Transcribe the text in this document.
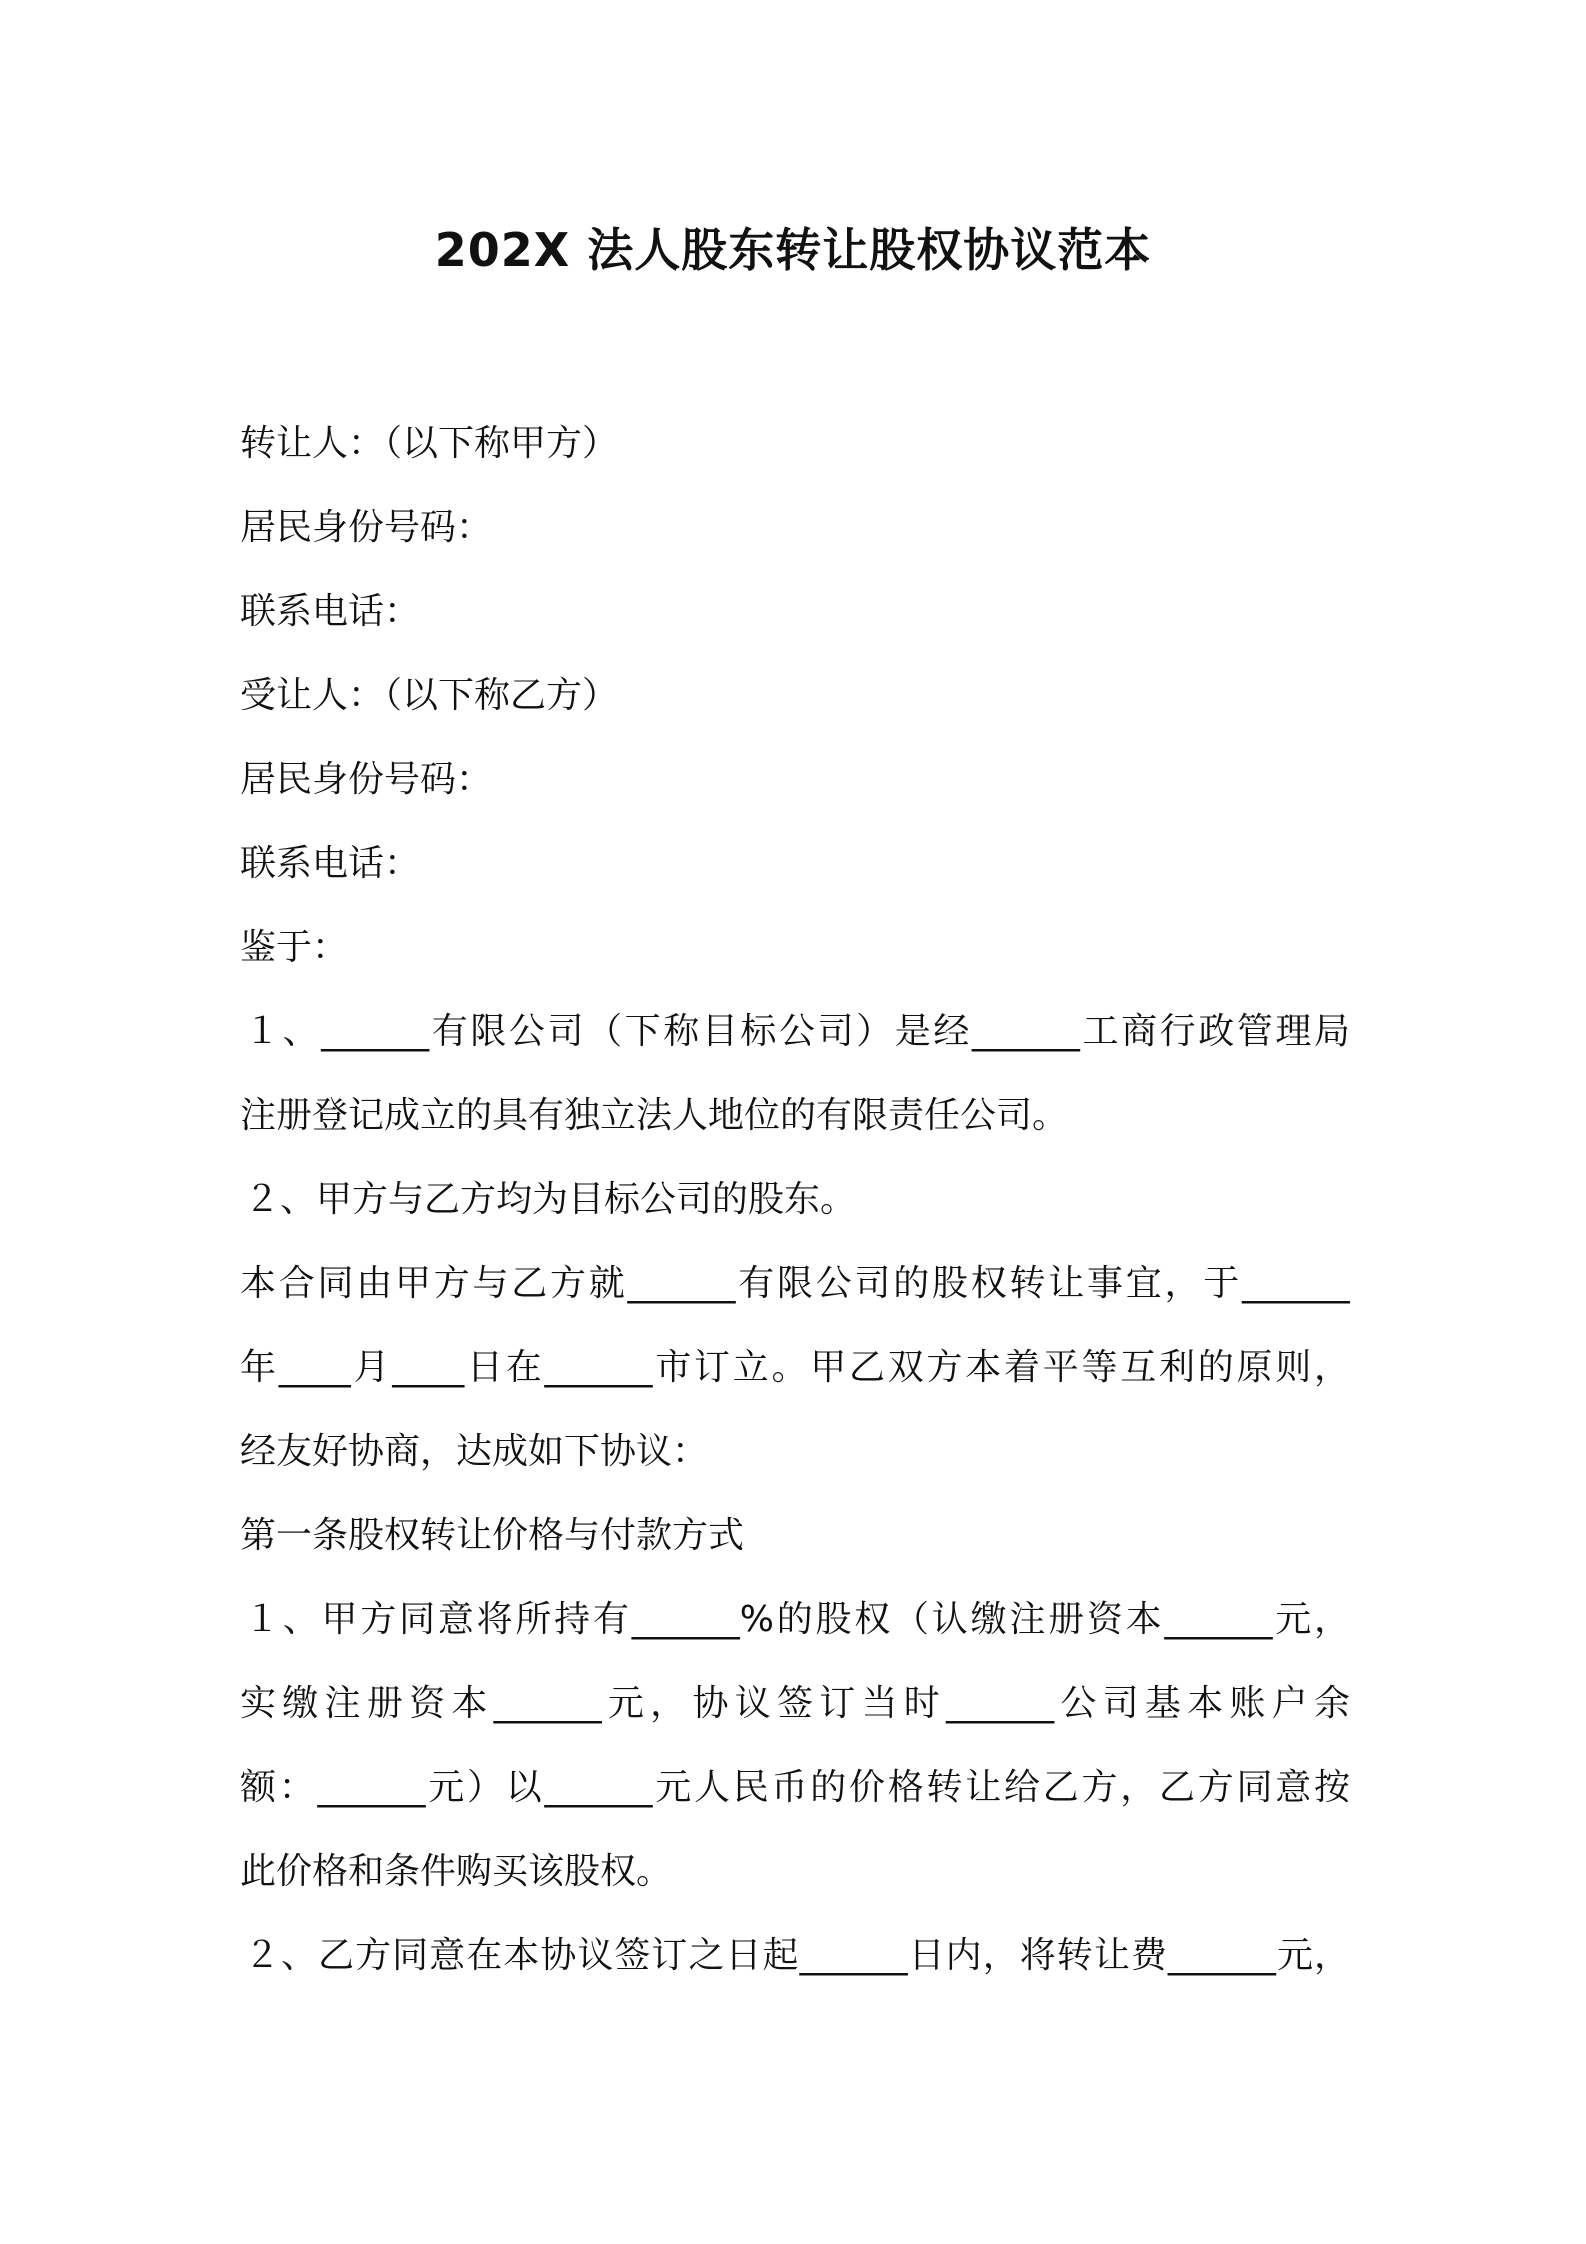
202X 法人股东转让股权协议范本
转让人：（以下称甲方）
居民身份号码：
联系电话：
受让人：（以下称乙方）
居民身份号码：
联系电话：
鉴于：
１、______有限公司（下称目标公司）是经______工商行政管理局
注册登记成立的具有独立法人地位的有限责任公司。
２、甲方与乙方均为目标公司的股东。
本合同由甲方与乙方就______有限公司的股权转让事宜，于______
年____月____日在______市订立。甲乙双方本着平等互利的原则，
经友好协商，达成如下协议：
第一条股权转让价格与付款方式
１、甲方同意将所持有______%的股权（认缴注册资本______元，
实缴注册资本______元，协议签订当时______公司基本账户余
额：______元）以______元人民币的价格转让给乙方，乙方同意按
此价格和条件购买该股权。
２、乙方同意在本协议签订之日起______日内，将转让费______元，
